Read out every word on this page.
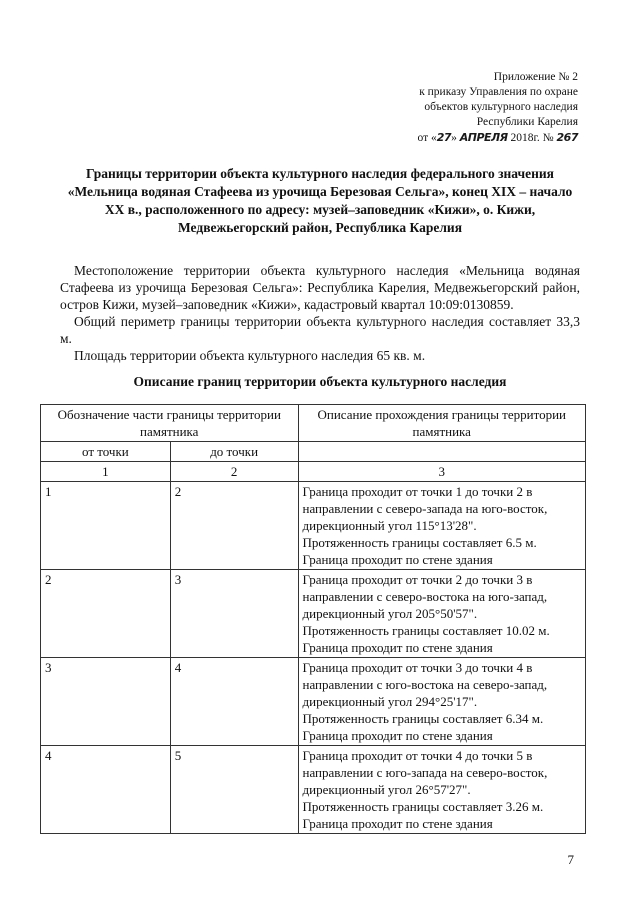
Приложение № 2
к приказу Управления по охране
объектов культурного наследия
Республики Карелия
от «27» АПРЕЛЯ 2018г. № 267
Границы территории объекта культурного наследия федерального значения «Мельница водяная Стафеева из урочища Березовая Сельга», конец XIX – начало XX в., расположенного по адресу: музей–заповедник «Кижи», о. Кижи, Медвежьегорский район, Республика Карелия
Местоположение территории объекта культурного наследия «Мельница водяная Стафеева из урочища Березовая Сельга»: Республика Карелия, Медвежьегорский район, остров Кижи, музей–заповедник «Кижи», кадастровый квартал 10:09:0130859.
Общий периметр границы территории объекта культурного наследия составляет 33,3 м.
Площадь территории объекта культурного наследия 65 кв. м.
Описание границ территории объекта культурного наследия
Обозначение части границы территории памятника		Описание прохождения границы территории памятника
от точки	до точки	
1	2	3
1	2	Граница проходит от точки 1 до точки 2 в
направлении с северо-запада на юго-восток,
дирекционный угол 115°13'28".
Протяженность границы составляет 6.5 м.
Граница проходит по стене здания

2	3	Граница проходит от точки 2 до точки 3 в
направлении с северо-востока на юго-запад,
дирекционный угол 205°50'57".
Протяженность границы составляет 10.02 м.
Граница проходит по стене здания

3	4	Граница проходит от точки 3 до точки 4 в
направлении с юго-востока на северо-запад,
дирекционный угол 294°25'17".
Протяженность границы составляет 6.34 м.
Граница проходит по стене здания

4	5	Граница проходит от точки 4 до точки 5 в
направлении с юго-запада на северо-восток,
дирекционный угол 26°57'27".
Протяженность границы составляет 3.26 м.
Граница проходит по стене здания
7
